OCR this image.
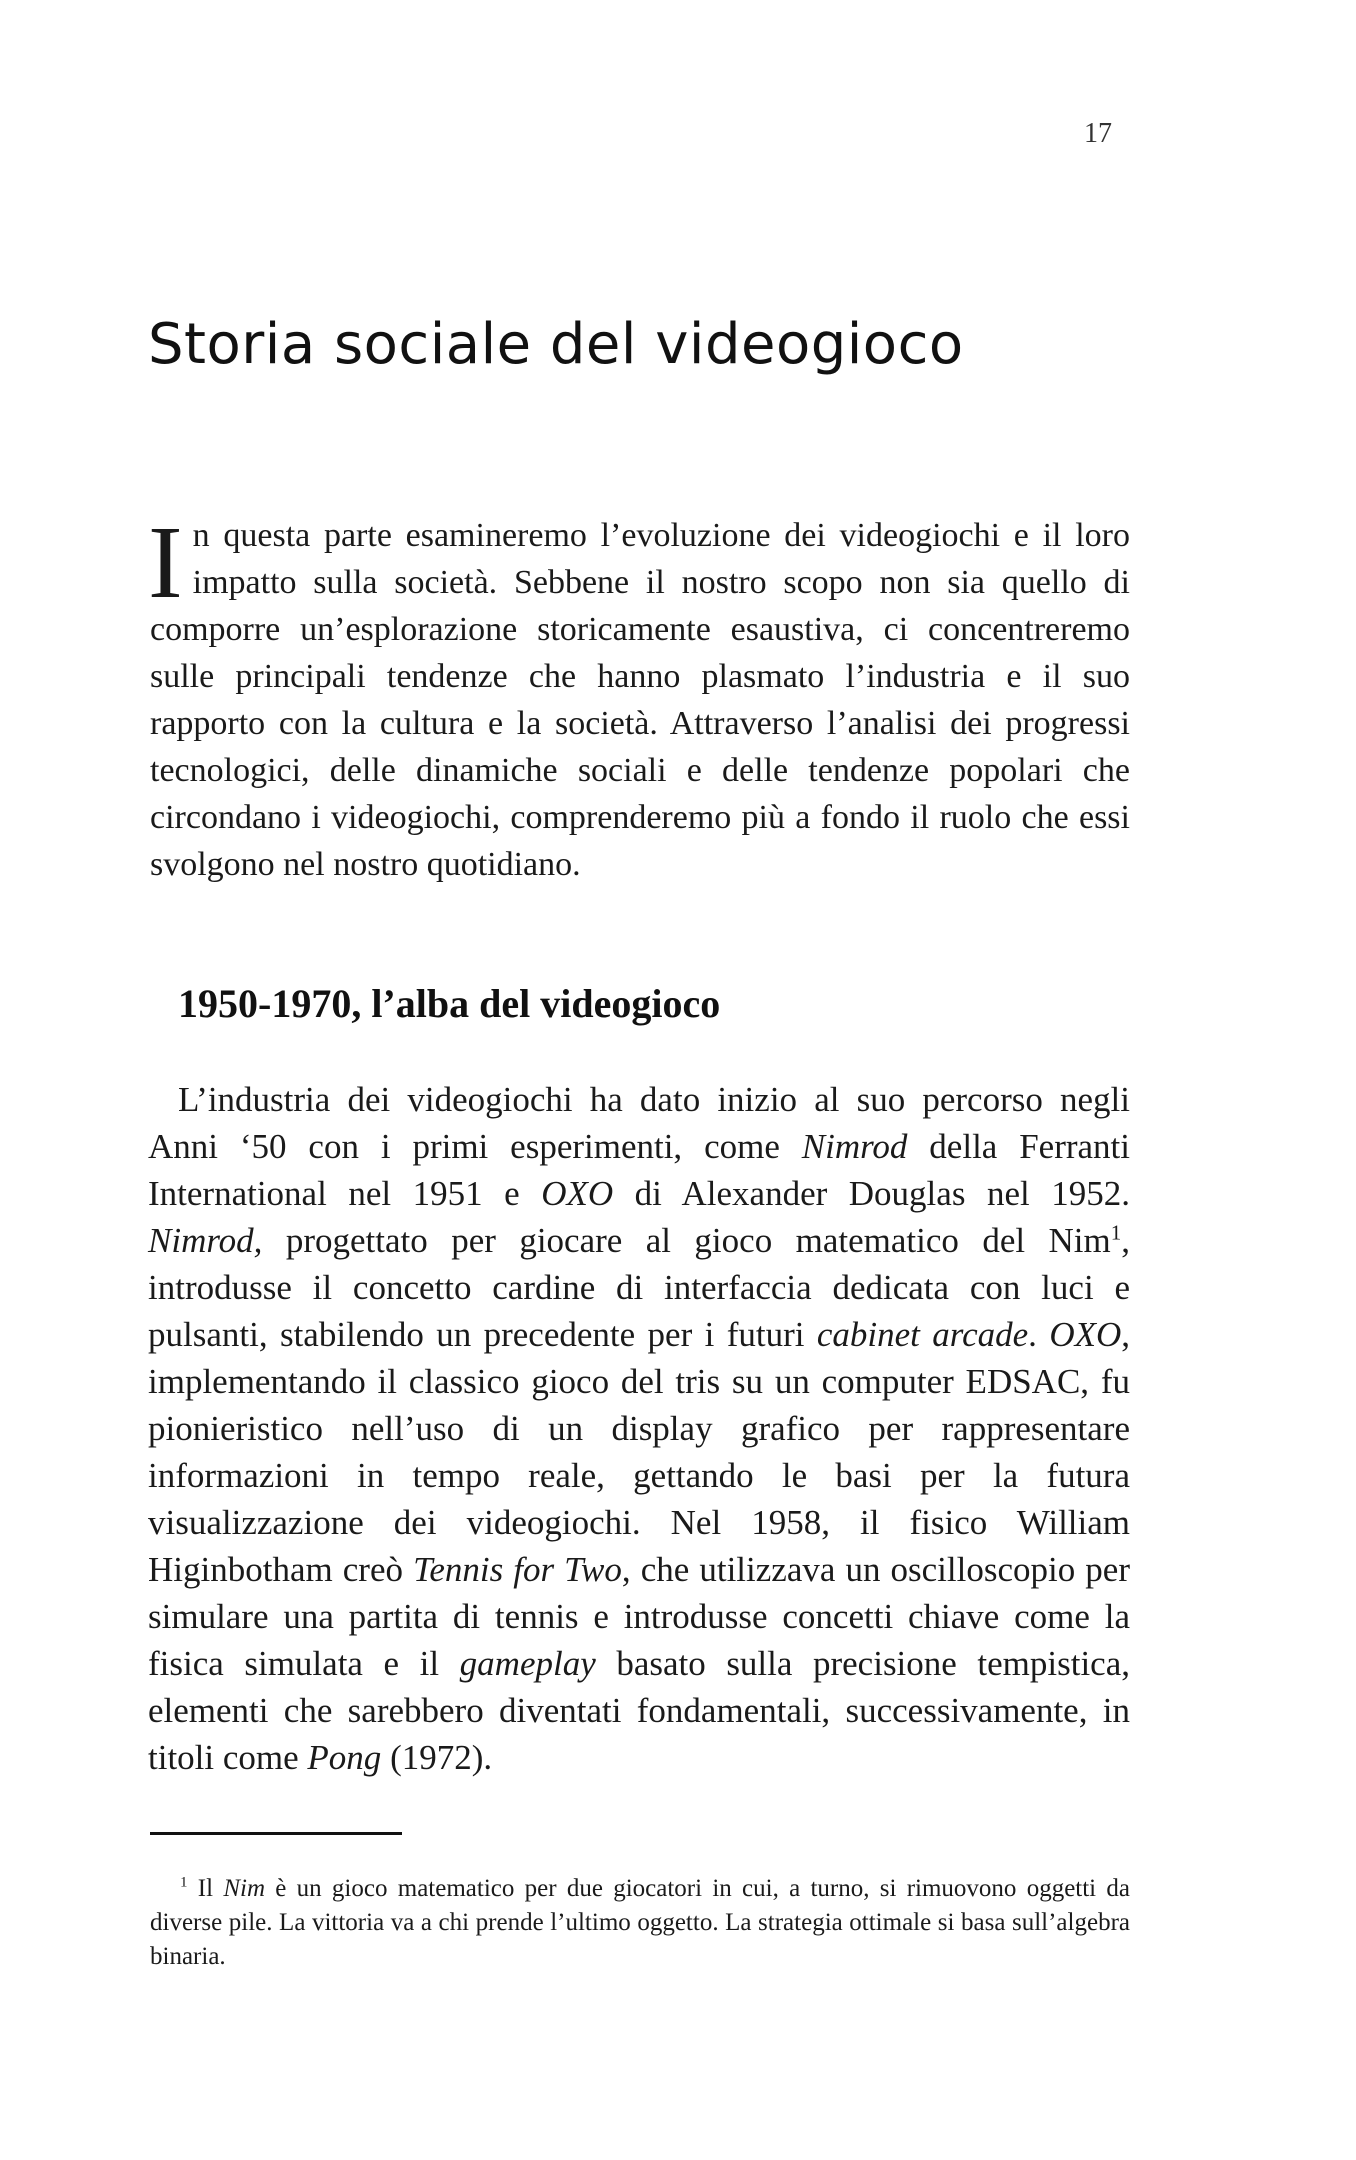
17
Storia sociale del videogioco

In questa parte esamineremo l’evoluzione dei videogiochi e il loro impatto sulla società. Sebbene il nostro scopo non sia quello di comporre un’esplorazione storicamente esaustiva, ci concentreremo sulle principali tendenze che hanno plasmato l’industria e il suo rapporto con la cultura e la società. Attraverso l’analisi dei progressi tecnologici, delle dinamiche sociali e delle tendenze popolari che circondano i videogiochi, comprenderemo più a fondo il ruolo che essi svolgono nel nostro quotidiano.

1950-1970, l’alba del videogioco

L’industria dei videogiochi ha dato inizio al suo percorso negli Anni ‘50 con i primi esperimenti, come Nimrod della Ferranti International nel 1951 e OXO di Alexander Douglas nel 1952. Nimrod, progettato per giocare al gioco matematico del Nim$^1$, introdusse il concetto cardine di interfaccia dedicata con luci e pulsanti, stabilendo un precedente per i futuri cabinet arcade. OXO, implementando il classico gioco del tris su un computer EDSAC, fu pionieristico nell’uso di un display grafico per rappresentare informazioni in tempo reale, gettando le basi per la futura visualizzazione dei videogiochi. Nel 1958, il fisico William Higinbotham creò Tennis for Two, che utilizzava un oscilloscopio per simulare una partita di tennis e introdusse concetti chiave come la fisica simulata e il gameplay basato sulla precisione tempistica, elementi che sarebbero diventati fondamentali, successivamente, in titoli come Pong (1972).

$^1$ Il Nim è un gioco matematico per due giocatori in cui, a turno, si rimuovono oggetti da diverse pile. La vittoria va a chi prende l’ultimo oggetto. La strategia ottimale si basa sull’algebra binaria.
